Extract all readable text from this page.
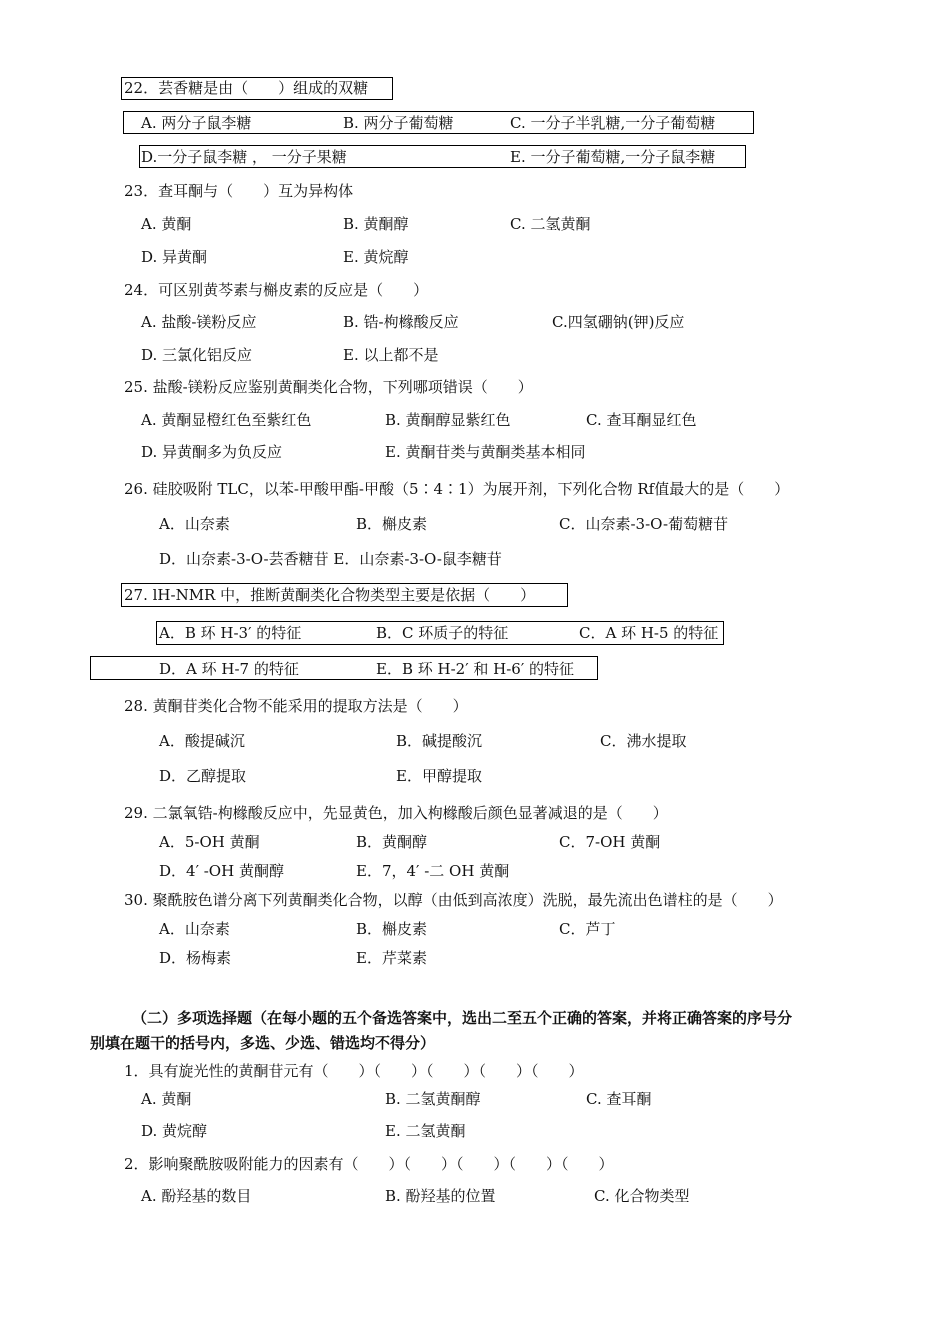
22．芸香糖是由（　　）组成的双糖
A. 两分子鼠李糖	B. 两分子葡萄糖	C. 一分子半乳糖,一分子葡萄糖
D.一分子鼠李糖 ， 一分子果糖	E. 一分子葡萄糖,一分子鼠李糖
23．查耳酮与（　　）互为异构体
A. 黄酮	B. 黄酮醇	C. 二氢黄酮
D. 异黄酮	E. 黄烷醇
24．可区别黄芩素与槲皮素的反应是（　　）
A. 盐酸-镁粉反应	B. 锆-枸橼酸反应	C.四氢硼钠(钾)反应
D. 三氯化铝反应	E. 以上都不是
25. 盐酸-镁粉反应鉴别黄酮类化合物，下列哪项错误（　　）
A. 黄酮显橙红色至紫红色	B. 黄酮醇显紫红色	C. 查耳酮显红色
D. 异黄酮多为负反应	E. 黄酮苷类与黄酮类基本相同
26. 硅胶吸附 TLC，以苯-甲酸甲酯-甲酸（5∶4∶1）为展开剂，下列化合物 Rf值最大的是（　　）
A．山奈素	B．槲皮素	C．山奈素-3-O-葡萄糖苷
D．山奈素-3-O-芸香糖苷 E．山奈素-3-O-鼠李糖苷
27. lH-NMR 中，推断黄酮类化合物类型主要是依据（　　）
A．B 环 H-3′ 的特征	B．C 环质子的特征	C．A 环 H-5 的特征
D．A 环 H-7 的特征	E．B 环 H-2′ 和 H-6′ 的特征
28. 黄酮苷类化合物不能采用的提取方法是（　　）
A．酸提碱沉	B．碱提酸沉	C．沸水提取
D．乙醇提取	E．甲醇提取
29. 二氯氧锆-枸橼酸反应中，先显黄色，加入枸橼酸后颜色显著减退的是（　　）
A．5-OH 黄酮	B．黄酮醇	C．7-OH 黄酮
D．4′ -OH 黄酮醇	E．7，4′ -二 OH 黄酮
30. 聚酰胺色谱分离下列黄酮类化合物，以醇（由低到高浓度）洗脱，最先流出色谱柱的是（　　）
A．山奈素	B．槲皮素	C．芦丁
D．杨梅素	E．芹菜素
（二）多项选择题（在每小题的五个备选答案中，选出二至五个正确的答案，并将正确答案的序号分
别填在题干的括号内，多选、少选、错选均不得分）
1．具有旋光性的黄酮苷元有（　　）（　　）（　　）（　　）（　　）
A. 黄酮	B. 二氢黄酮醇	C. 查耳酮
D. 黄烷醇	E. 二氢黄酮
2．影响聚酰胺吸附能力的因素有（　　）（　　）（　　）（　　）（　　）
A. 酚羟基的数目	B. 酚羟基的位置	C. 化合物类型
